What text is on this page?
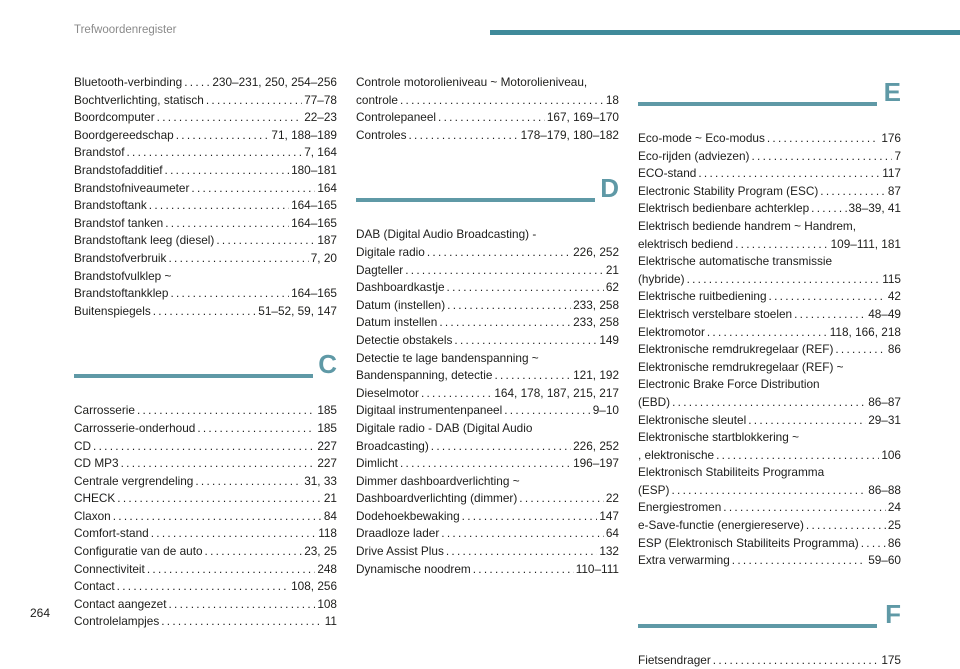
Trefwoordenregister
Bluetooth-verbinding . . .	230–231, 250, 254–256
Bochtverlichting, statisch . . .	77–78
Boordcomputer . . .	22–23
Boordgereedschap . . .	71, 188–189
Brandstof . . .	7, 164
Brandstofadditief . . .	180–181
Brandstofniveaumeter . . .	164
Brandstoftank . . .	164–165
Brandstof tanken . . .	164–165
Brandstoftank leeg (diesel) . . .	187
Brandstofverbruik . . .	7, 20
Brandstofvulklep ~
Brandstoftankklep . . .	164–165
Buitenspiegels . . .	51–52, 59, 147
C
Carrosserie . . .	185
Carrosserie-onderhoud . . .	185
CD . . .	227
CD MP3 . . .	227
Centrale vergrendeling . . .	31, 33
CHECK . . .	21
Claxon . . .	84
Comfort-stand . . .	118
Configuratie van de auto . . .	23, 25
Connectiviteit . . .	248
Contact . . .	108, 256
Contact aangezet . . .	108
Controlelampjes . . .	11
Controle motorolieniveau ~ Motorolieniveau,
controle . . .	18
Controlepaneel . . .	167, 169–170
Controles . . .	178–179, 180–182
D
DAB (Digital Audio Broadcasting) -
Digitale radio . . .	226, 252
Dagteller . . .	21
Dashboardkastje . . .	62
Datum (instellen) . . .	233, 258
Datum instellen . . .	233, 258
Detectie obstakels . . .	149
Detectie te lage bandenspanning ~
Bandenspanning, detectie . . .	121, 192
Dieselmotor . . .	164, 178, 187, 215, 217
Digitaal instrumentenpaneel . . .	9–10
Digitale radio - DAB (Digital Audio
Broadcasting) . . .	226, 252
Dimlicht . . .	196–197
Dimmer dashboardverlichting ~
Dashboardverlichting (dimmer) . . .	22
Dodehoekbewaking . . .	147
Draadloze lader . . .	64
Drive Assist Plus . . .	132
Dynamische noodrem . . .	110–111
E
Eco-mode ~ Eco-modus . . .	176
Eco-rijden (adviezen) . . .	7
ECO-stand . . .	117
Electronic Stability Program (ESC) . . .	87
Elektrisch bedienbare achterklep . . .	38–39, 41
Elektrisch bediende handrem ~ Handrem,
elektrisch bediend . . .	109–111, 181
Elektrische automatische transmissie
(hybride) . . .	115
Elektrische ruitbediening . . .	42
Elektrisch verstelbare stoelen . . .	48–49
Elektromotor . . .	118, 166, 218
Elektronische remdrukregelaar (REF) . . .	86
Elektronische remdrukregelaar (REF) ~
Electronic Brake Force Distribution
(EBD) . . .	86–87
Elektronische sleutel . . .	29–31
Elektronische startblokkering ~
, elektronische . . .	106
Elektronisch Stabiliteits Programma
(ESP) . . .	86–88
Energiestromen . . .	24
e-Save-functie (energiereserve) . . .	25
ESP (Elektronisch Stabiliteits Programma) . . . 86
Extra verwarming . . .	59–60
F
Fietsendrager . . .	175
264
